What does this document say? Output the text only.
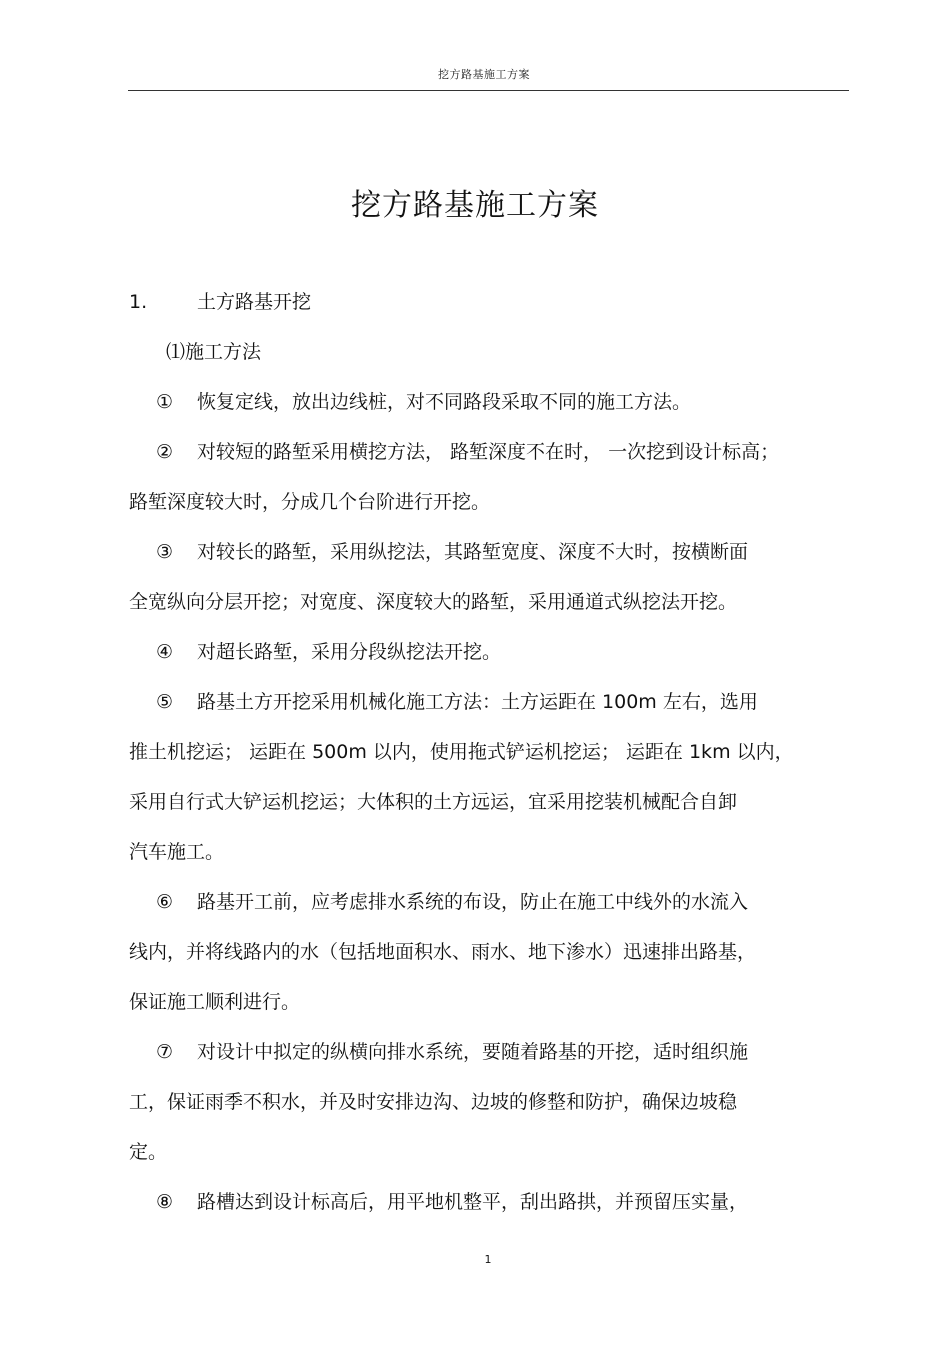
挖方路基施工方案
挖方路基施工方案
1.	土方路基开挖
⑴施工方法
① 恢复定线，放出边线桩，对不同路段采取不同的施工方法。
② 对较短的路堑采用横挖方法， 路堑深度不在时， 一次挖到设计标高；
路堑深度较大时，分成几个台阶进行开挖。
③ 对较长的路堑，采用纵挖法，其路堑宽度、深度不大时，按横断面
全宽纵向分层开挖；对宽度、深度较大的路堑，采用通道式纵挖法开挖。
④ 对超长路堑，采用分段纵挖法开挖。
⑤ 路基土方开挖采用机械化施工方法：土方运距在 100m 左右，选用
推土机挖运； 运距在 500m 以内，使用拖式铲运机挖运； 运距在 1km 以内，
采用自行式大铲运机挖运；大体积的土方远运，宜采用挖装机械配合自卸
汽车施工。
⑥ 路基开工前，应考虑排水系统的布设，防止在施工中线外的水流入
线内，并将线路内的水（包括地面积水、雨水、地下渗水）迅速排出路基，
保证施工顺利进行。
⑦ 对设计中拟定的纵横向排水系统，要随着路基的开挖，适时组织施
工，保证雨季不积水，并及时安排边沟、边坡的修整和防护，确保边坡稳
定。
⑧ 路槽达到设计标高后，用平地机整平，刮出路拱，并预留压实量，
1
